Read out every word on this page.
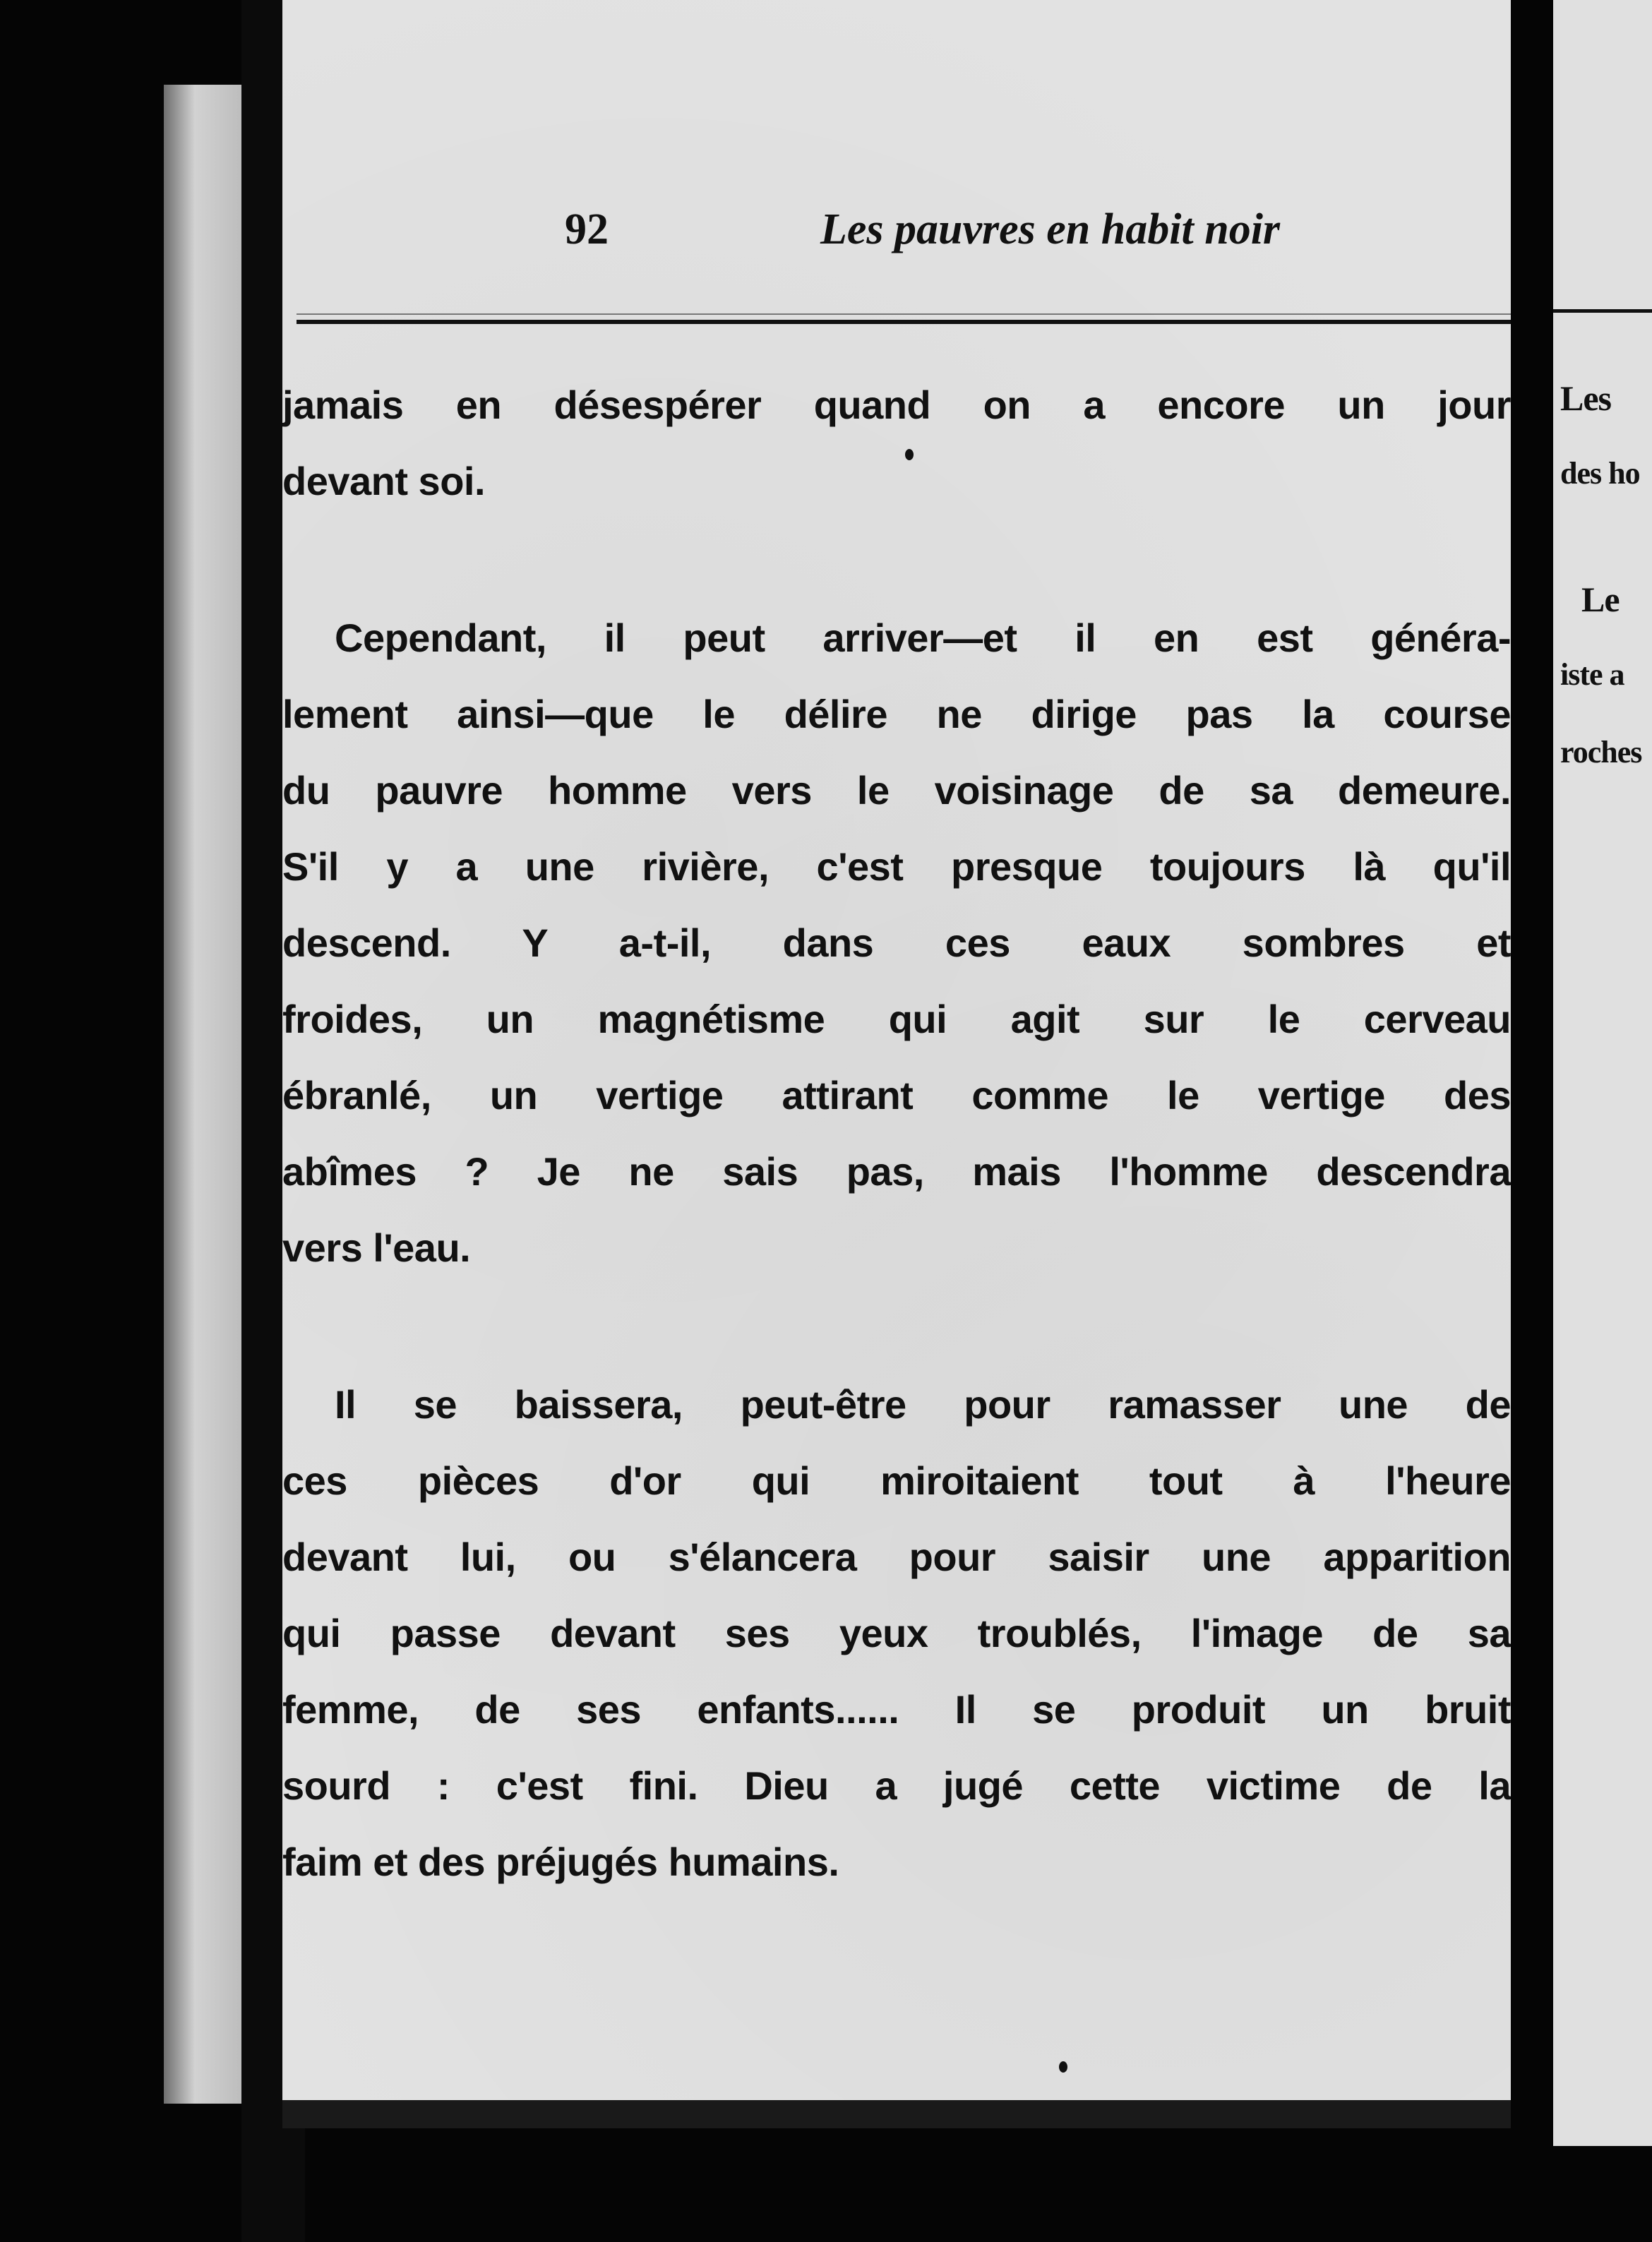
92	Les pauvres en habit noir
jamais en désespérer quand on a encore un jour
devant soi.
Cependant, il peut arriver—et il en est généra-
lement ainsi—que le délire ne dirige pas la course
du pauvre homme vers le voisinage de sa demeure.
S'il y a une rivière, c'est presque toujours là qu'il
descend. Y a-t-il, dans ces eaux sombres et
froides, un magnétisme qui agit sur le cerveau
ébranlé, un vertige attirant comme le vertige des
abîmes ? Je ne sais pas, mais l'homme descendra
vers l'eau.
Il se baissera, peut-être pour ramasser une de
ces pièces d'or qui miroitaient tout à l'heure
devant lui, ou s'élancera pour saisir une apparition
qui passe devant ses yeux troublés, l'image de sa
femme, de ses enfants...... Il se produit un bruit
sourd : c'est fini. Dieu a jugé cette victime de la
faim et des préjugés humains.
Les
des ho
Le
iste a
roches
